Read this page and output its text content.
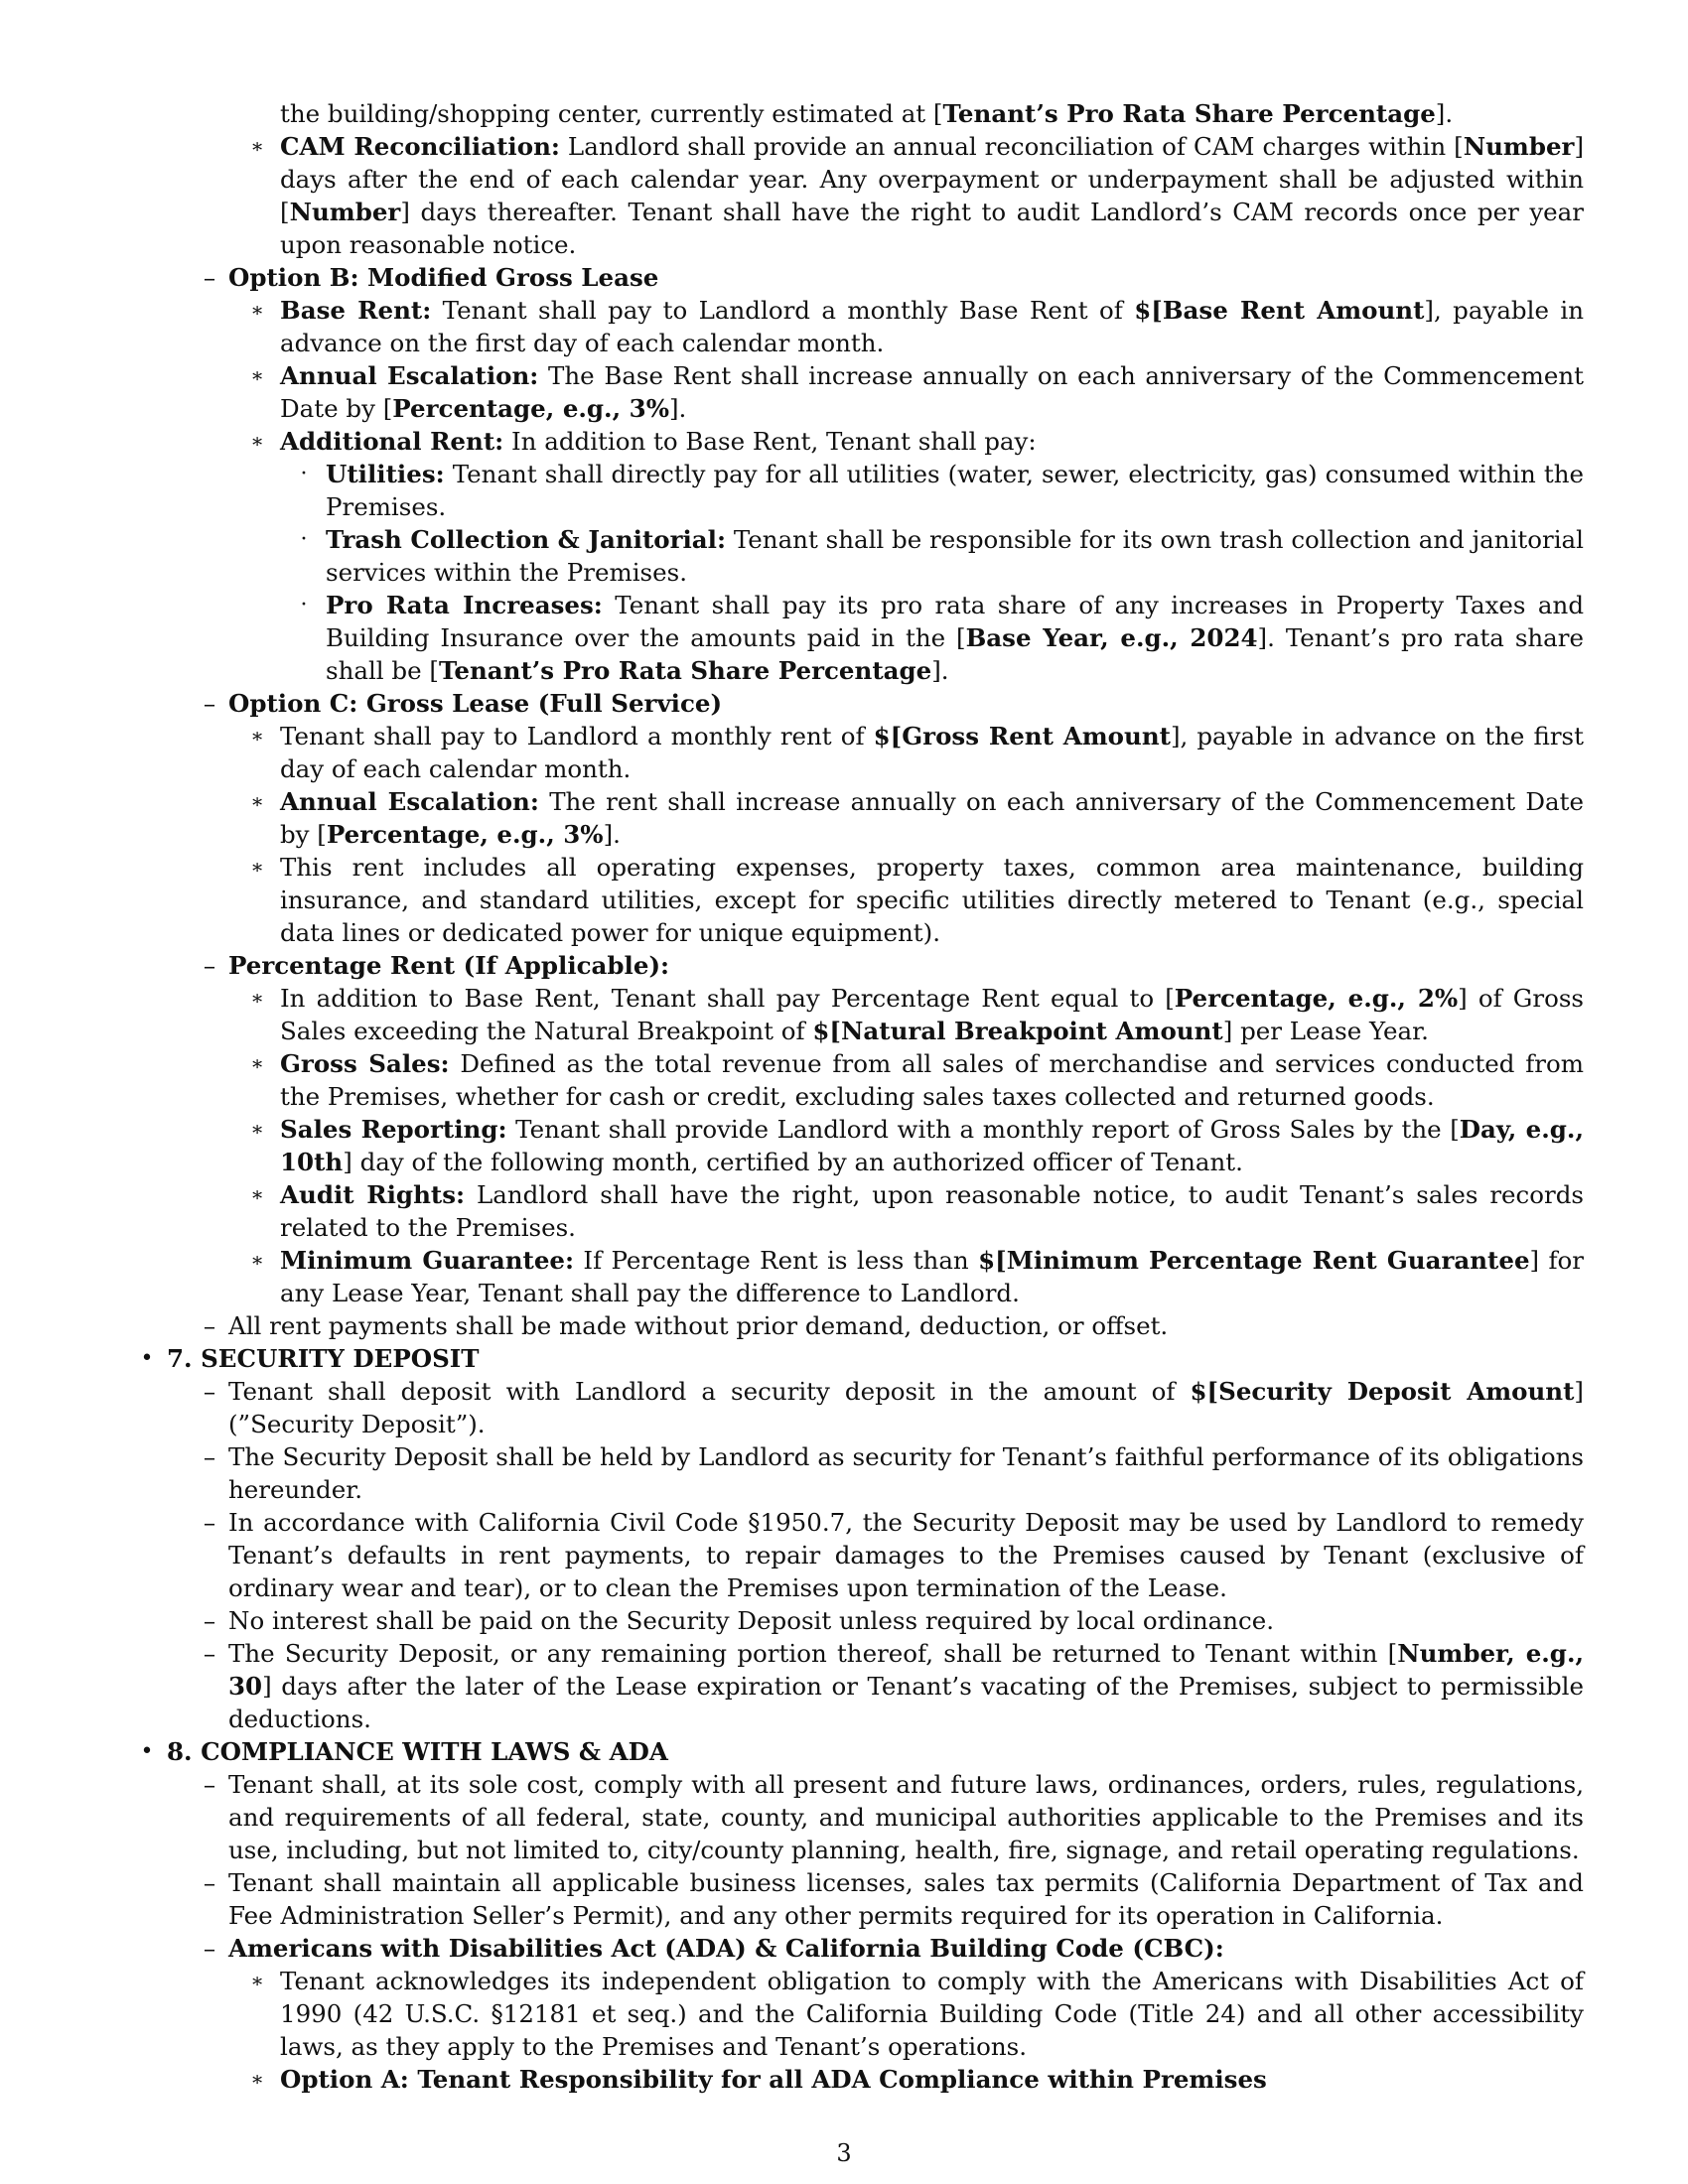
the building/shopping center, currently estimated at [Tenant’s Pro Rata Share Percentage].
∗ CAM Reconciliation: Landlord shall provide an annual reconciliation of CAM charges within [Number] days after the end of each calendar year. Any overpayment or underpayment shall be adjusted within [Number] days thereafter. Tenant shall have the right to audit Landlord’s CAM records once per year upon reasonable notice.
– Option B: Modified Gross Lease
∗ Base Rent: Tenant shall pay to Landlord a monthly Base Rent of $[Base Rent Amount], payable in advance on the first day of each calendar month.
∗ Annual Escalation: The Base Rent shall increase annually on each anniversary of the Commencement Date by [Percentage, e.g., 3%].
∗ Additional Rent: In addition to Base Rent, Tenant shall pay:
· Utilities: Tenant shall directly pay for all utilities (water, sewer, electricity, gas) consumed within the Premises.
· Trash Collection & Janitorial: Tenant shall be responsible for its own trash collection and janitorial services within the Premises.
· Pro Rata Increases: Tenant shall pay its pro rata share of any increases in Property Taxes and Building Insurance over the amounts paid in the [Base Year, e.g., 2024]. Tenant’s pro rata share shall be [Tenant’s Pro Rata Share Percentage].
– Option C: Gross Lease (Full Service)
∗ Tenant shall pay to Landlord a monthly rent of $[Gross Rent Amount], payable in advance on the first day of each calendar month.
∗ Annual Escalation: The rent shall increase annually on each anniversary of the Commencement Date by [Percentage, e.g., 3%].
∗ This rent includes all operating expenses, property taxes, common area maintenance, building insurance, and standard utilities, except for specific utilities directly metered to Tenant (e.g., special data lines or dedicated power for unique equipment).
– Percentage Rent (If Applicable):
∗ In addition to Base Rent, Tenant shall pay Percentage Rent equal to [Percentage, e.g., 2%] of Gross Sales exceeding the Natural Breakpoint of $[Natural Breakpoint Amount] per Lease Year.
∗ Gross Sales: Defined as the total revenue from all sales of merchandise and services conducted from the Premises, whether for cash or credit, excluding sales taxes collected and returned goods.
∗ Sales Reporting: Tenant shall provide Landlord with a monthly report of Gross Sales by the [Day, e.g., 10th] day of the following month, certified by an authorized officer of Tenant.
∗ Audit Rights: Landlord shall have the right, upon reasonable notice, to audit Tenant’s sales records related to the Premises.
∗ Minimum Guarantee: If Percentage Rent is less than $[Minimum Percentage Rent Guarantee] for any Lease Year, Tenant shall pay the difference to Landlord.
– All rent payments shall be made without prior demand, deduction, or offset.
• 7. SECURITY DEPOSIT
– Tenant shall deposit with Landlord a security deposit in the amount of $[Security Deposit Amount] (”Security Deposit”).
– The Security Deposit shall be held by Landlord as security for Tenant’s faithful performance of its obligations hereunder.
– In accordance with California Civil Code §1950.7, the Security Deposit may be used by Landlord to remedy Tenant’s defaults in rent payments, to repair damages to the Premises caused by Tenant (exclusive of ordinary wear and tear), or to clean the Premises upon termination of the Lease.
– No interest shall be paid on the Security Deposit unless required by local ordinance.
– The Security Deposit, or any remaining portion thereof, shall be returned to Tenant within [Number, e.g., 30] days after the later of the Lease expiration or Tenant’s vacating of the Premises, subject to permissible deductions.
• 8. COMPLIANCE WITH LAWS & ADA
– Tenant shall, at its sole cost, comply with all present and future laws, ordinances, orders, rules, regulations, and requirements of all federal, state, county, and municipal authorities applicable to the Premises and its use, including, but not limited to, city/county planning, health, fire, signage, and retail operating regulations.
– Tenant shall maintain all applicable business licenses, sales tax permits (California Department of Tax and Fee Administration Seller’s Permit), and any other permits required for its operation in California.
– Americans with Disabilities Act (ADA) & California Building Code (CBC):
∗ Tenant acknowledges its independent obligation to comply with the Americans with Disabilities Act of 1990 (42 U.S.C. §12181 et seq.) and the California Building Code (Title 24) and all other accessibility laws, as they apply to the Premises and Tenant’s operations.
∗ Option A: Tenant Responsibility for all ADA Compliance within Premises
3
